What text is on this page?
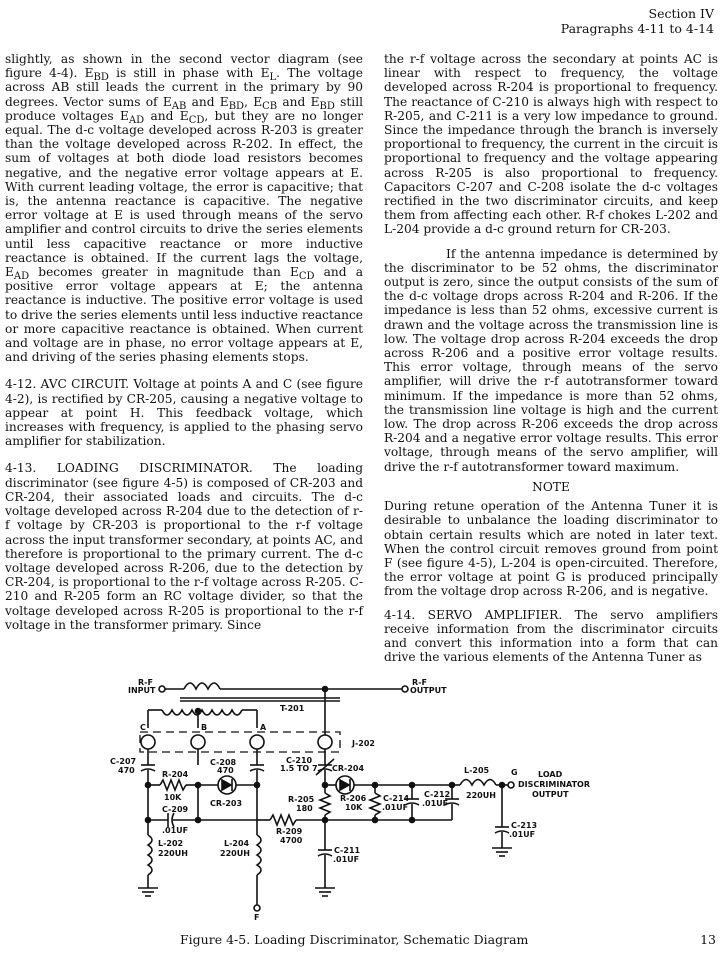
Section IV
Paragraphs 4-11 to 4-14

slightly, as shown in the second vector diagram (see figure 4-4). $E_{BD}$ is still in phase with $E_L$. The voltage across AB still leads the current in the primary by 90 degrees. Vector sums of $E_{AB}$ and $E_{BD}$, $E_{CB}$ and $E_{BD}$ still produce voltages $E_{AD}$ and $E_{CD}$, but they are no longer equal. The d-c voltage developed across R-203 is greater than the voltage developed across R-202. In effect, the sum of voltages at both diode load resistors becomes negative, and the negative error voltage appears at E. With current leading voltage, the error is capacitive; that is, the antenna reactance is capacitive. The negative error voltage at E is used through means of the servo amplifier and control circuits to drive the series elements until less capacitive reactance or more inductive reactance is obtained. If the current lags the voltage, $E_{AD}$ becomes greater in magnitude than $E_{CD}$ and a positive error voltage appears at E; the antenna reactance is inductive. The positive error voltage is used to drive the series elements until less inductive reactance or more capacitive reactance is obtained. When current and voltage are in phase, no error voltage appears at E, and driving of the series phasing elements stops.

4-12. AVC CIRCUIT. Voltage at points A and C (see figure 4-2), is rectified by CR-205, causing a negative voltage to appear at point H. This feedback voltage, which increases with frequency, is applied to the phasing servo amplifier for stabilization.

4-13. LOADING DISCRIMINATOR. The loading discriminator (see figure 4-5) is composed of CR-203 and CR-204, their associated loads and circuits. The d-c voltage developed across R-204 due to the detection of r-f voltage by CR-203 is proportional to the r-f voltage across the input transformer secondary, at points AC, and therefore is proportional to the primary current. The d-c voltage developed across R-206, due to the detection by CR-204, is proportional to the r-f voltage across R-205. C-210 and R-205 form an RC voltage divider, so that the voltage developed across R-205 is proportional to the r-f voltage in the transformer primary. Since

the r-f voltage across the secondary at points AC is linear with respect to frequency, the voltage developed across R-204 is proportional to frequency. The reactance of C-210 is always high with respect to R-205, and C-211 is a very low impedance to ground. Since the impedance through the branch is inversely proportional to frequency, the current in the circuit is proportional to frequency and the voltage appearing across R-205 is also proportional to frequency. Capacitors C-207 and C-208 isolate the d-c voltages rectified in the two discriminator circuits, and keep them from affecting each other. R-f chokes L-202 and L-204 provide a d-c ground return for CR-203.

If the antenna impedance is determined by the discriminator to be 52 ohms, the discriminator output is zero, since the output consists of the sum of the d-c voltage drops across R-204 and R-206. If the impedance is less than 52 ohms, excessive current is drawn and the voltage across the transmission line is low. The voltage drop across R-204 exceeds the drop across R-206 and a positive error voltage results. This error voltage, through means of the servo amplifier, will drive the r-f autotransformer toward minimum. If the impedance is more than 52 ohms, the transmission line voltage is high and the current low. The drop across R-206 exceeds the drop across R-204 and a negative error voltage results. This error voltage, through means of the servo amplifier, will drive the r-f autotransformer toward maximum.

NOTE

During retune operation of the Antenna Tuner it is desirable to unbalance the loading discriminator to obtain certain results which are noted in later text. When the control circuit removes ground from point F (see figure 4-5), L-204 is open-circuited. Therefore, the error voltage at point G is produced principally from the voltage drop across R-206, and is negative.

4-14. SERVO AMPLIFIER. The servo amplifiers receive information from the discriminator circuits and convert this information into a form that can drive the various elements of the Antenna Tuner as

R-F
INPUT
R-F
OUTPUT
T-201
J-202
A
B
C
C-207
470
C-208
470
C-210
1.5 TO 7
R-204
10K
CR-203
CR-204
C-209
.01UF
L-202
220UH
L-204
220UH
R-209
4700
R-205
180
R-206
10K
C-211
.01UF
C-214
.01UF
C-212
.01UF
L-205
220UH
G	LOAD
DISCRIMINATOR
OUTPUT
C-213
.01UF
F
Figure 4-5. Loading Discriminator, Schematic Diagram	13
